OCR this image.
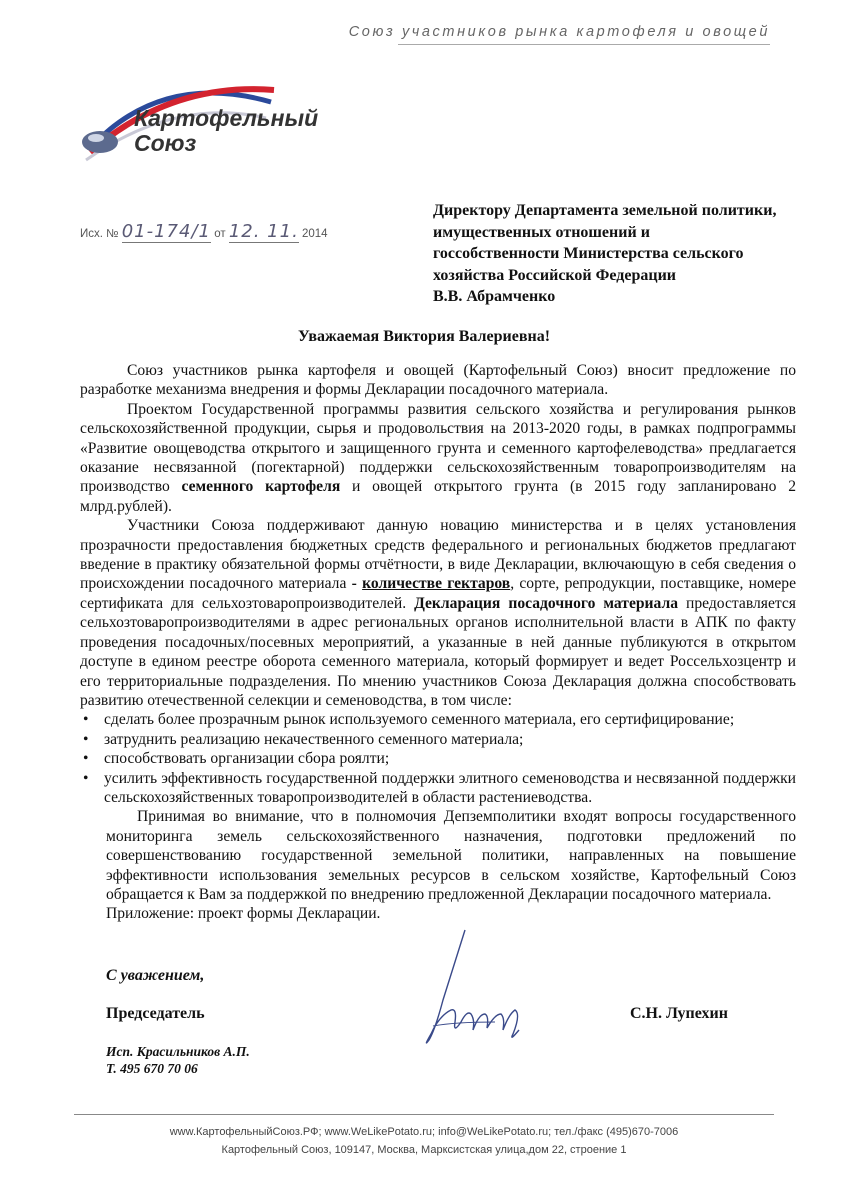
Союз участников рынка картофеля и овощей
Картофельный
Союз
Исх. № 01-174/1 от 12. 11. 2014
Директору Департамента земельной политики,
имущественных отношений и
госсобственности Министерства сельского
хозяйства Российской Федерации
В.В. Абрамченко
Уважаемая Виктория Валериевна!

Союз участников рынка картофеля и овощей (Картофельный Союз) вносит предложение по разработке механизма внедрения и формы Декларации посадочного материала.

Проектом Государственной программы развития сельского хозяйства и регулирования рынков сельскохозяйственной продукции, сырья и продовольствия на 2013-2020 годы, в рамках подпрограммы «Развитие овощеводства открытого и защищенного грунта и семенного картофелеводства» предлагается оказание несвязанной (погектарной) поддержки сельскохозяйственным товаропроизводителям на производство семенного картофеля и овощей открытого грунта (в 2015 году запланировано 2 млрд.рублей).

Участники Союза поддерживают данную новацию министерства и в целях установления прозрачности предоставления бюджетных средств федерального и региональных бюджетов предлагают введение в практику обязательной формы отчётности, в виде Декларации, включающую в себя сведения о происхождении посадочного материала - количестве гектаров, сорте, репродукции, поставщике, номере сертификата для сельхозтоваропроизводителей. Декларация посадочного материала предоставляется сельхозтоваропроизводителями в адрес региональных органов исполнительной власти в АПК по факту проведения посадочных/посевных мероприятий, а указанные в ней данные публикуются в открытом доступе в едином реестре оборота семенного материала, который формирует и ведет Россельхозцентр и его территориальные подразделения. По мнению участников Союза Декларация должна способствовать развитию отечественной селекции и семеноводства, в том числе:

• сделать более прозрачным рынок используемого семенного материала, его сертифицирование;
• затруднить реализацию некачественного семенного материала;
• способствовать организации сбора роялти;
• усилить эффективность государственной поддержки элитного семеноводства и несвязанной поддержки сельскохозяйственных товаропроизводителей в области растениеводства.

Принимая во внимание, что в полномочия Депземполитики входят вопросы государственного мониторинга земель сельскохозяйственного назначения, подготовки предложений по совершенствованию государственной земельной политики, направленных на повышение эффективности использования земельных ресурсов в сельском хозяйстве, Картофельный Союз обращается к Вам за поддержкой по внедрению предложенной Декларации посадочного материала.

Приложение: проект формы Декларации.

С уважением,
Председатель	С.Н. Лупехин
Исп. Красильников А.П.
Т. 495 670 70 06
www.КартофельныйСоюз.РФ; www.WeLikePotato.ru; info@WeLikePotato.ru; тел./факс (495)670-7006
Картофельный Союз, 109147, Москва, Марксистская улица,дом 22, строение 1
